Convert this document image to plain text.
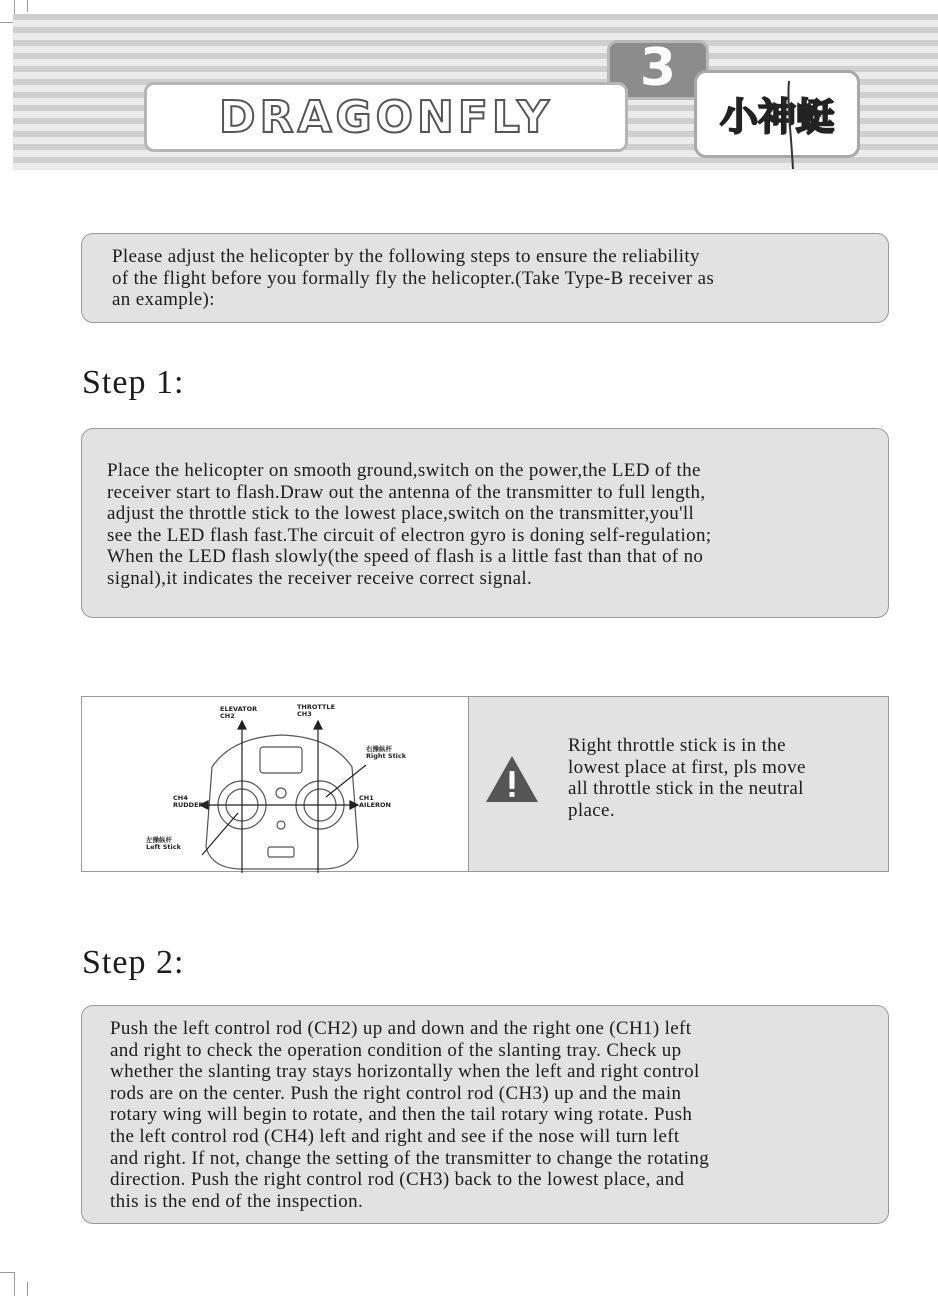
3
DRAGONFLY	小神蜓

Please adjust the helicopter by the following steps to ensure the reliability
of the flight before you formally fly the helicopter.(Take Type-B receiver as
an example):

Step 1:

Place the helicopter on smooth ground,switch on the power,the LED of the
receiver start to flash.Draw out the antenna of the transmitter to full length,
adjust the throttle stick to the lowest place,switch on the transmitter,you'll
see the LED flash fast.The circuit of electron gyro is doning self-regulation;
When the LED flash slowly(the speed of flash is a little fast than that of no
signal),it indicates the receiver receive correct signal.

ELEVATOR
CH2
THROTTLE
CH3
右操纵杆
Right Stick
CH4
RUDDER
CH1
AILERON
左操纵杆
Left Stick

Right throttle stick is in the
lowest place at first, pls move
all throttle stick in the neutral
place.

Step 2:

Push the left control rod (CH2) up and down and the right one (CH1) left
and right to check the operation condition of the slanting tray. Check up
whether the slanting tray stays horizontally when the left and right control
rods are on the center. Push the right control rod (CH3) up and the main
rotary wing will begin to rotate, and then the tail rotary wing rotate. Push
the left control rod (CH4) left and right and see if the nose will turn left
and right. If not, change the setting of the transmitter to change the rotating
direction. Push the right control rod (CH3) back to the lowest place, and
this is the end of the inspection.
